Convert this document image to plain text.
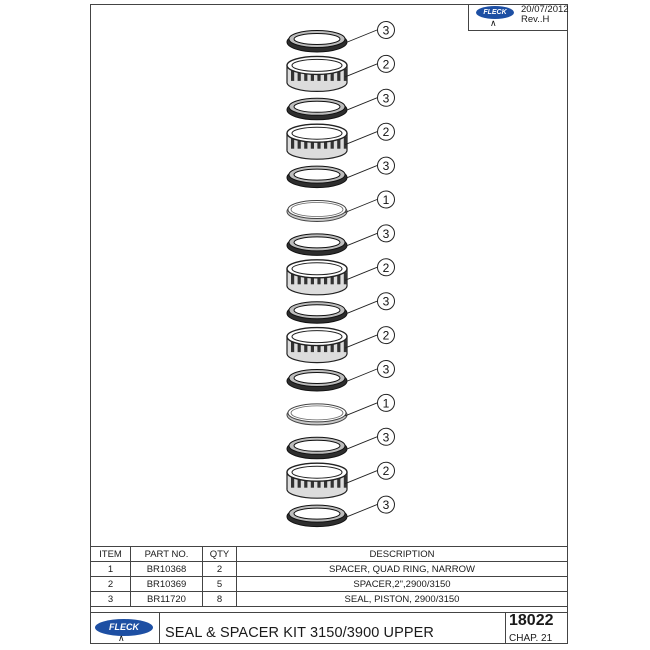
FLECK
∧
20/07/2012
Rev..H
3
2
3
2
3
1
3
2
3
2
3
1
3
2
3
ITEM	PART NO.	QTY	DESCRIPTION
1	BR10368	2	SPACER, QUAD RING, NARROW
2	BR10369	5	SPACER,2",2900/3150
3	BR11720	8	SEAL, PISTON, 2900/3150
FLECK
∧	SEAL & SPACER KIT 3150/3900 UPPER
18022
CHAP. 21
